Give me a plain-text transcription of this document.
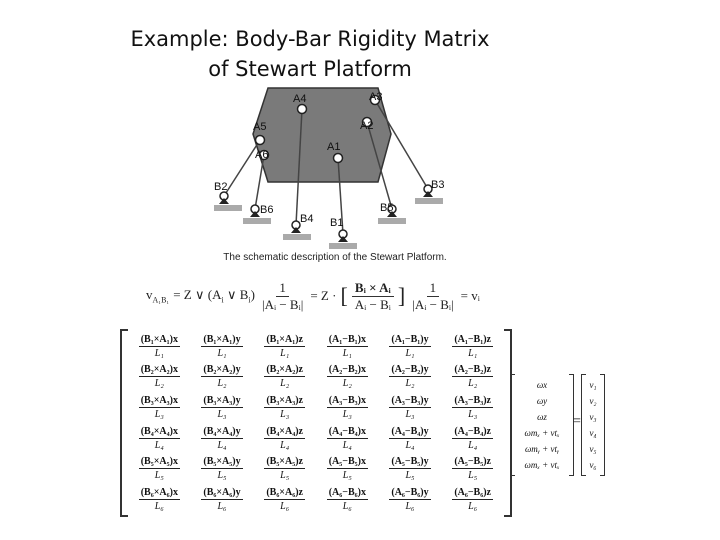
Example: Body-Bar Rigidity Matrix
of Stewart Platform
A4	A3
A5	A2
A6
A1
B2
B6
B4 B1
B5
B3
The schematic description of the Stewart Platform.
$v_{A_1B_1} = Z$ ∨ ($A_i$ ∨ $B_i) \frac{1}{\text{|Aᵢ − Bᵢ|}} = Z$ · [ $\frac{\text{Bᵢ × Aᵢ}}{\text{Aᵢ − Bᵢ}}$ ] $\frac{1}{\text{|Aᵢ − Bᵢ|}}$ = vᵢ
$\frac{\text{(B₁×A₁)x}}{\text{L₁}} \frac{\text{(B₁×A₁)y}}{\text{L₁}} \frac{\text{(B₁×A₁)z}}{\text{L₁}} \frac{\text{(A₁−B₁)x}}{\text{L₁}} \frac{\text{(A₁−B₁)y}}{\text{L₁}} \frac{\text{(A₁−B₁)z}}{\text{L₁}}$
$\frac{\text{(B₂×A₂)x}}{\text{L₂}} \frac{\text{(B₂×A₂)y}}{\text{L₂}} \frac{\text{(B₂×A₂)z}}{\text{L₂}} \frac{\text{(A₂−B₂)x}}{\text{L₂}} \frac{\text{(A₂−B₂)y}}{\text{L₂}} \frac{\text{(A₂−B₂)z}}{\text{L₂}}$
$\frac{\text{(B₃×A₃)x}}{\text{L₃}} \frac{\text{(B₃×A₃)y}}{\text{L₃}} \frac{\text{(B₃×A₃)z}}{\text{L₃}} \frac{\text{(A₃−B₃)x}}{\text{L₃}} \frac{\text{(A₃−B₃)y}}{\text{L₃}} \frac{\text{(A₃−B₃)z}}{\text{L₃}}$
$\frac{\text{(B₄×A₄)x}}{\text{L₄}} \frac{\text{(B₄×A₄)y}}{\text{L₄}} \frac{\text{(B₄×A₄)z}}{\text{L₄}} \frac{\text{(A₄−B₄)x}}{\text{L₄}} \frac{\text{(A₄−B₄)y}}{\text{L₄}} \frac{\text{(A₄−B₄)z}}{\text{L₄}}$
$\frac{\text{(B₅×A₅)x}}{\text{L₅}} \frac{\text{(B₅×A₅)y}}{\text{L₅}} \frac{\text{(B₅×A₅)z}}{\text{L₅}} \frac{\text{(A₅−B₅)x}}{\text{L₅}} \frac{\text{(A₅−B₅)y}}{\text{L₅}} \frac{\text{(A₅−B₅)z}}{\text{L₅}}$
$\frac{\text{(B₆×A₆)x}}{\text{L₆}} \frac{\text{(B₆×A₆)y}}{\text{L₆}} \frac{\text{(B₆×A₆)z}}{\text{L₆}} \frac{\text{(A₆−B₆)x}}{\text{L₆}} \frac{\text{(A₆−B₆)y}}{\text{L₆}} \frac{\text{(A₆−B₆)z}}{\text{L₆}}$
ωx
ωy
ωz
ωmₓ + vtₓ
ωmᵧ + vtᵧ
ωmₓ + vtₓ
=
v₁
v₂
v₃
v₄
v₅
v₆
